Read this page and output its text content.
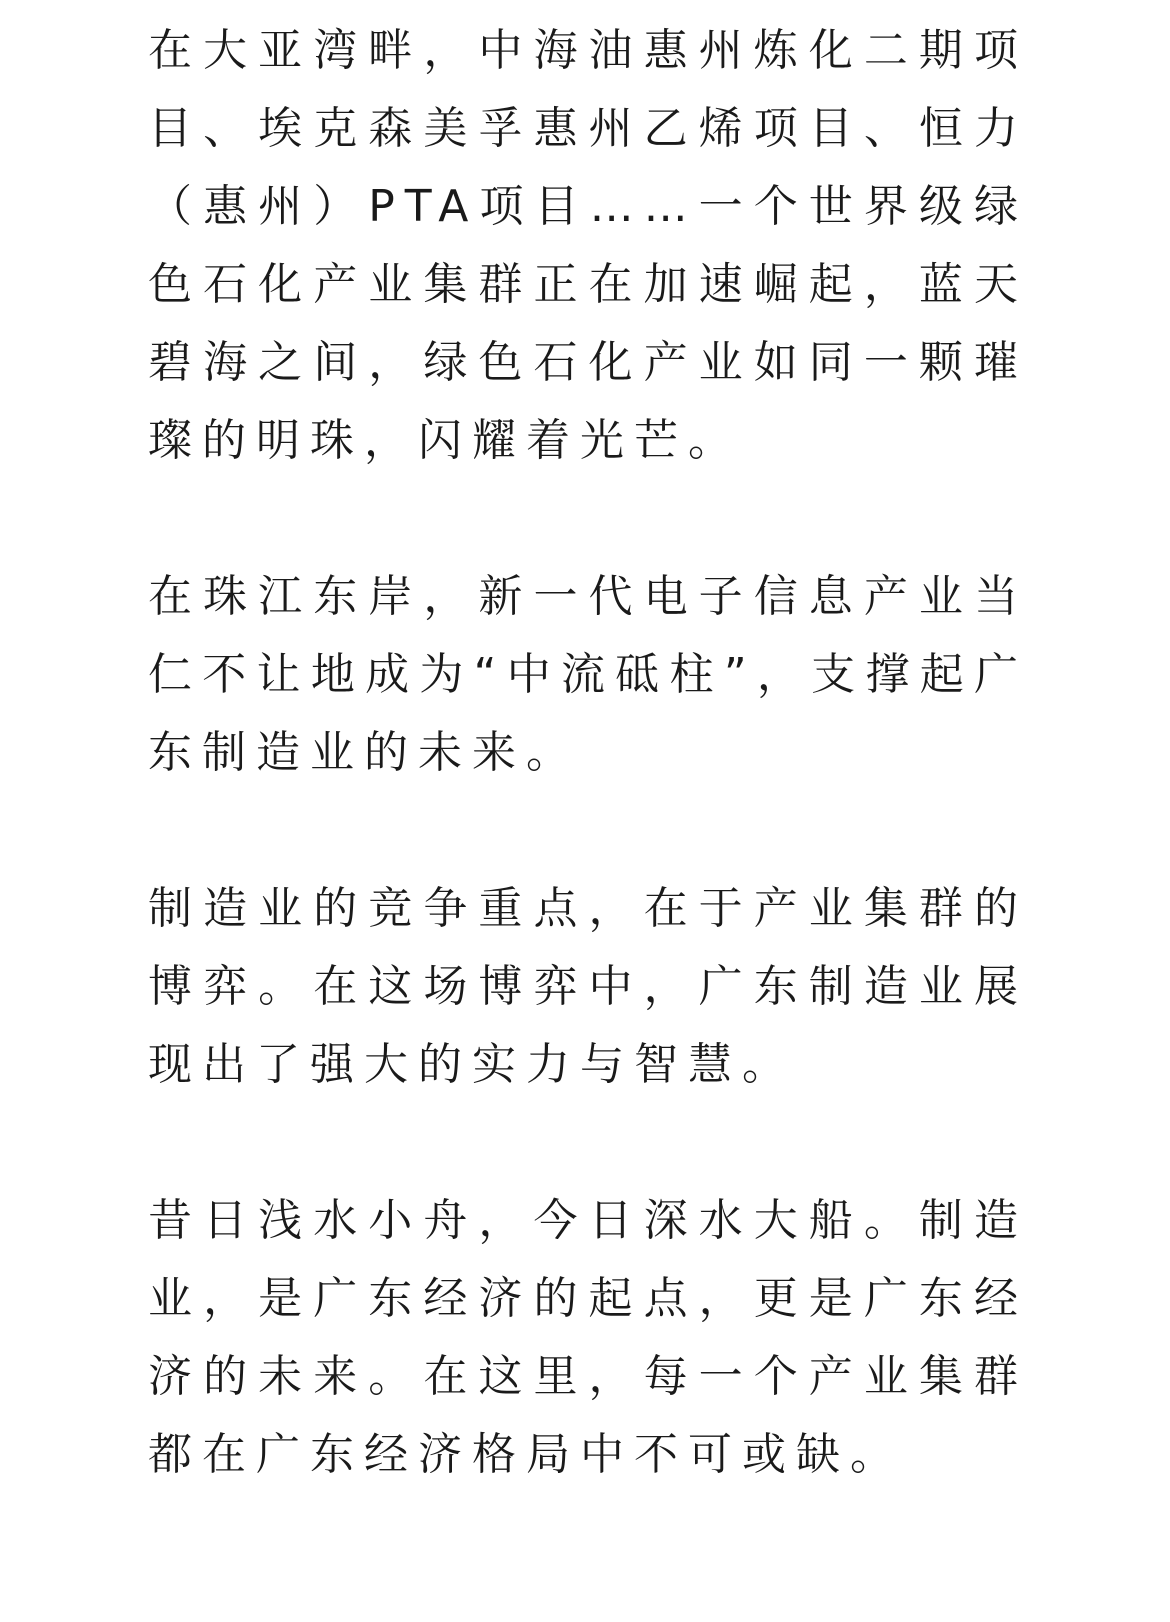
在大亚湾畔，中海油惠州炼化二期项目、埃克森美孚惠州乙烯项目、恒力（惠州）PTA项目……一个世界级绿色石化产业集群正在加速崛起，蓝天碧海之间，绿色石化产业如同一颗璀璨的明珠，闪耀着光芒。

在珠江东岸，新一代电子信息产业当仁不让地成为“中流砥柱”，支撑起广东制造业的未来。

制造业的竞争重点，在于产业集群的博弈。在这场博弈中，广东制造业展现出了强大的实力与智慧。

昔日浅水小舟，今日深水大船。制造业，是广东经济的起点，更是广东经济的未来。在这里，每一个产业集群都在广东经济格局中不可或缺。
